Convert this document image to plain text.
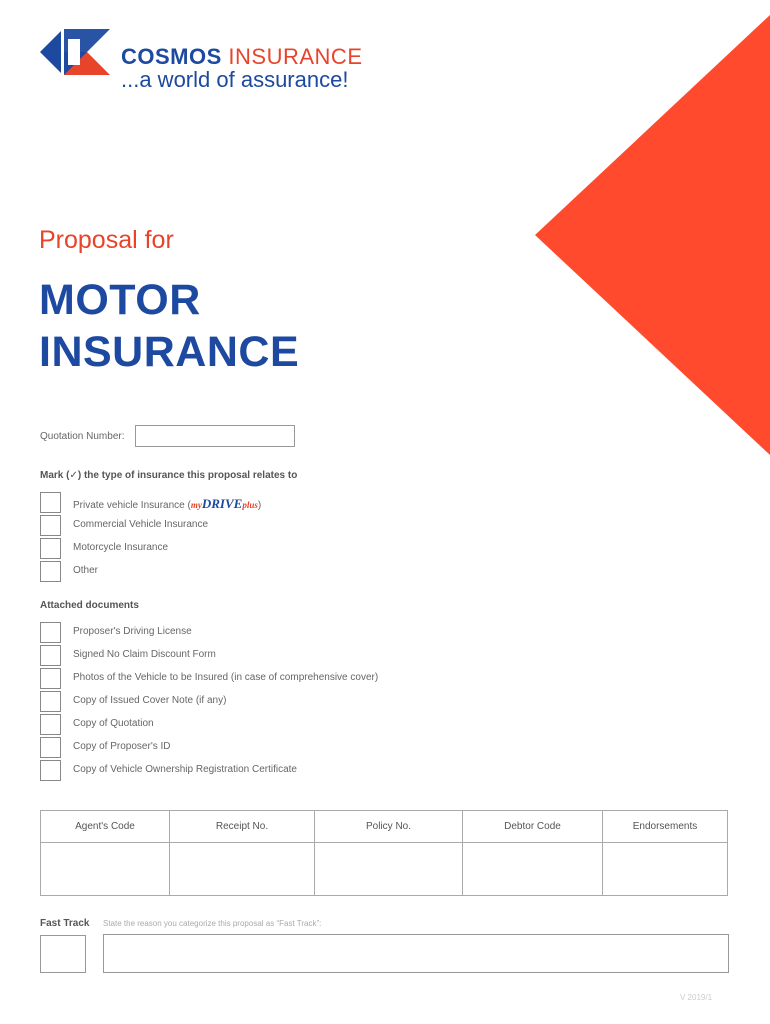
COSMOS INSURANCE
...a world of assurance!
Proposal for
MOTOR
INSURANCE
Quotation Number:
Mark (✓) the type of insurance this proposal relates to
Private vehicle Insurance (myDRIVEplus)
Commercial Vehicle Insurance
Motorcycle Insurance
Other
Attached documents
Proposer's Driving License
Signed No Claim Discount Form
Photos of the Vehicle to be Insured (in case of comprehensive cover)
Copy of Issued Cover Note (if any)
Copy of Quotation
Copy of Proposer's ID
Copy of Vehicle Ownership Registration Certificate
Agent's Code	Receipt No.	Policy No.	Debtor Code	Endorsements

Fast Track State the reason you categorize this proposal as “Fast Track”:
V 2019/1
